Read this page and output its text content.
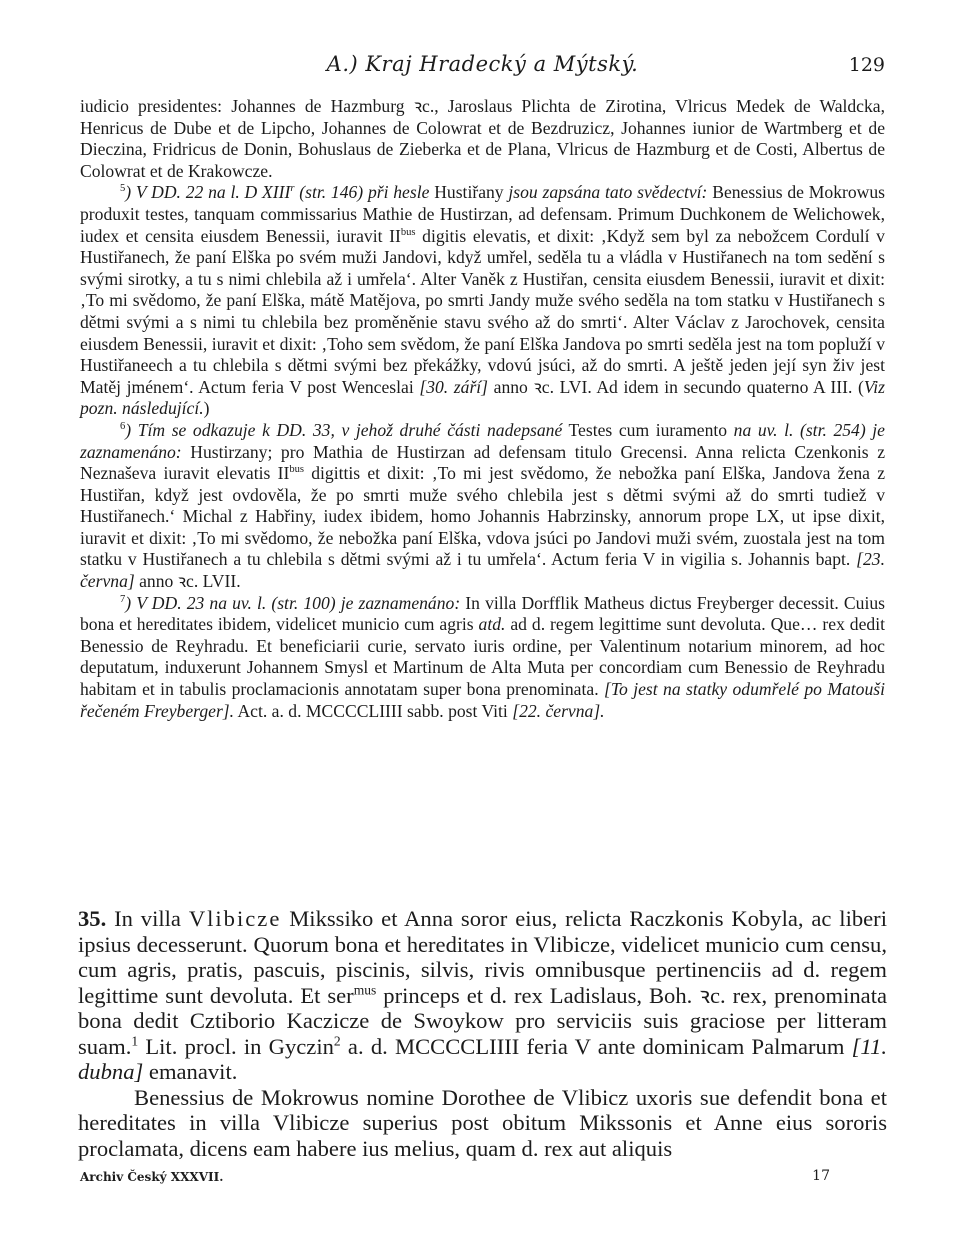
A.) Kraj Hradecký a Mýtský.	129

iudicio presidentes: Johannes de Hazmburg ꝛc., Jaroslaus Plichta de Zirotina, Vlricus Medek de Waldcka, Henricus de Dube et de Lipcho, Johannes de Colowrat et de Bezdruzicz, Johannes iunior de Wartmberg et de Dieczina, Fridricus de Donin, Bohuslaus de Zieberka et de Plana, Vlricus de Hazmburg et de Costi, Albertus de Colowrat et de Krakowcze.

$^5$) V DD. 22 na l. D XIII$^r$ (str. 146) při hesle Hustiřany jsou zapsána tato svědectví: Benessius de Mokrowus produxit testes, tanquam commissarius Mathie de Hustirzan, ad defensam. Primum Duchkonem de Welichowek, iudex et censita eiusdem Benessii, iuravit $II^{bus}$ digitis elevatis, et dixit: ‚Když sem byl za nebožcem Cordulí v Hustiřanech, že paní Elška po svém muži Jandovi, když umřel, seděla tu a vládla v Hustiřanech na tom sedění s svými sirotky, a tu s nimi chlebila až i umřela‘. Alter Vaněk z Hustiřan, censita eiusdem Benessii, iuravit et dixit: ‚To mi svědomo, že paní Elška, mátě Matějova, po smrti Jandy muže svého seděla na tom statku v Hustiřanech s dětmi svými a s nimi tu chlebila bez proměněnie stavu svého až do smrti‘. Alter Václav z Jarochovek, censita eiusdem Benessii, iuravit et dixit: ‚Toho sem svědom, že paní Elška Jandova po smrti seděla jest na tom popluží v Hustiřaneech a tu chlebila s dětmi svými bez překážky, vdovú jsúci, až do smrti. A ještě jeden její syn živ jest Matěj jménem‘. Actum feria V post Wenceslai [30. září] anno ꝛc. LVI. Ad idem in secundo quaterno A III. (Viz pozn. následující.)

$^6$) Tím se odkazuje k DD. 33, v jehož druhé části nadepsané Testes cum iuramento na uv. l. (str. 254) je zaznamenáno: Hustirzany; pro Mathia de Hustirzan ad defensam titulo Grecensi. Anna relicta Czenkonis z Neznaševa iuravit elevatis $II^{bus}$ digittis et dixit: ‚To mi jest svědomo, že nebožka paní Elška, Jandova žena z Hustiřan, když jest ovdověla, že po smrti muže svého chlebila jest s dětmi svými až do smrti tudiež v Hustiřanech.‘ Michal z Habřiny, iudex ibidem, homo Johannis Habrzinsky, annorum prope LX, ut ipse dixit, iuravit et dixit: ‚To mi svědomo, že nebožka paní Elška, vdova jsúci po Jandovi muži svém, zuostala jest na tom statku v Hustiřanech a tu chlebila s dětmi svými až i tu umřela‘. Actum feria V in vigilia s. Johannis bapt. [23. června] anno ꝛc. LVII.

$^7$) V DD. 23 na uv. l. (str. 100) je zaznamenáno: In villa Dorfflik Matheus dictus Freyberger decessit. Cuius bona et hereditates ibidem, videlicet municio cum agris atd. ad d. regem legittime sunt devoluta. Que… rex dedit Benessio de Reyhradu. Et beneficiarii curie, servato iuris ordine, per Valentinum notarium minorem, ad hoc deputatum, induxerunt Johannem Smysl et Martinum de Alta Muta per concordiam cum Benessio de Reyhradu habitam et in tabulis proclamacionis annotatam super bona prenominata. [To jest na statky odumřelé po Matouši řečeném Freyberger]. Act. a. d. MCCCCLIIII sabb. post Viti [22. června].

35. In villa Vlibicze Mikssiko et Anna soror eius, relicta Raczkonis Kobyla, ac liberi ipsius decesserunt. Quorum bona et hereditates in Vlibicze, videlicet municio cum censu, cum agris, pratis, pascuis, piscinis, silvis, rivis omnibusque pertinenciis ad d. regem legittime sunt devoluta. Et ser$^{mus}$ princeps et d. rex Ladislaus, Boh. ꝛc. rex, prenominata bona dedit Cztiborio Kaczicze de Swoykow pro serviciis suis graciose per litteram suam.$^1$ Lit. procl. in Gyczin$^2$ a. d. MCCCCLIIII feria V ante dominicam Palmarum [11. dubna] emanavit.

Benessius de Mokrowus nomine Dorothee de Vlibicz uxoris sue defendit bona et hereditates in villa Vlibicze superius post obitum Mikssonis et Anne eius sororis proclamata, dicens eam habere ius melius, quam d. rex aut aliquis

Archiv Český XXXVII.	17
